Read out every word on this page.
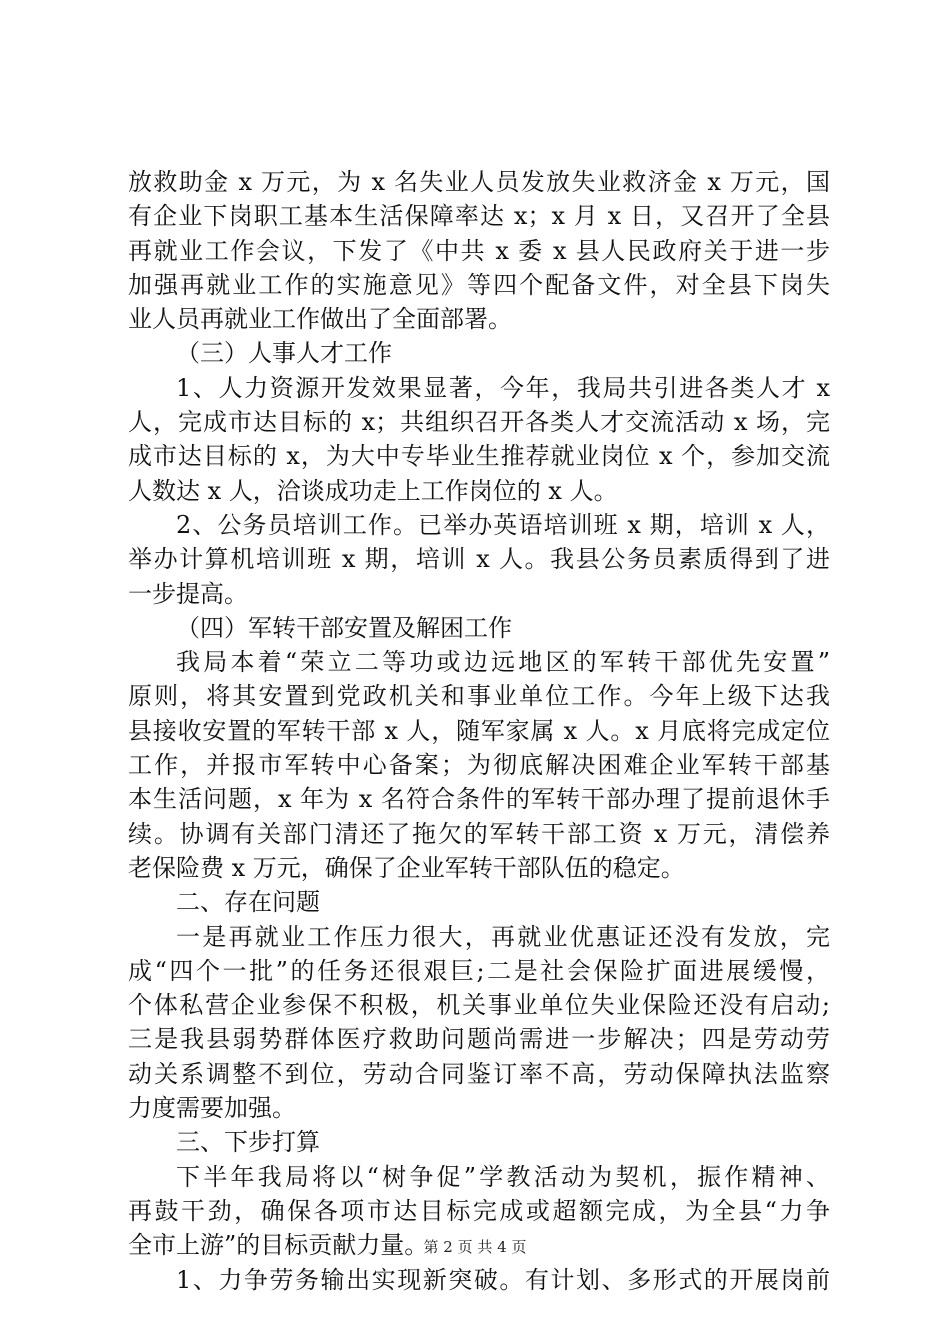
放救助金 x 万元，为 x 名失业人员发放失业救济金 x 万元，国
有企业下岗职工基本生活保障率达 x；x 月 x 日，又召开了全县
再就业工作会议，下发了《中共 x 委 x 县人民政府关于进一步
加强再就业工作的实施意见》等四个配备文件，对全县下岗失
业人员再就业工作做出了全面部署。
（三）人事人才工作
1、人力资源开发效果显著，今年，我局共引进各类人才 x
人，完成市达目标的 x；共组织召开各类人才交流活动 x 场，完
成市达目标的 x，为大中专毕业生推荐就业岗位 x 个，参加交流
人数达 x 人，洽谈成功走上工作岗位的 x 人。
2、公务员培训工作。已举办英语培训班 x 期，培训 x 人，
举办计算机培训班 x 期，培训 x 人。我县公务员素质得到了进
一步提高。
（四）军转干部安置及解困工作
我局本着“荣立二等功或边远地区的军转干部优先安置”
原则，将其安置到党政机关和事业单位工作。今年上级下达我
县接收安置的军转干部 x 人，随军家属 x 人。x 月底将完成定位
工作，并报市军转中心备案；为彻底解决困难企业军转干部基
本生活问题，x 年为 x 名符合条件的军转干部办理了提前退休手
续。协调有关部门清还了拖欠的军转干部工资 x 万元，清偿养
老保险费 x 万元，确保了企业军转干部队伍的稳定。
二、存在问题
一是再就业工作压力很大，再就业优惠证还没有发放，完
成“四个一批”的任务还很艰巨;二是社会保险扩面进展缓慢，
个体私营企业参保不积极，机关事业单位失业保险还没有启动;
三是我县弱势群体医疗救助问题尚需进一步解决；四是劳动劳
动关系调整不到位，劳动合同鉴订率不高，劳动保障执法监察
力度需要加强。
三、下步打算
下半年我局将以“树争促”学教活动为契机，振作精神、
再鼓干劲，确保各项市达目标完成或超额完成，为全县“力争
全市上游”的目标贡献力量。
1、力争劳务输出实现新突破。有计划、多形式的开展岗前
第 2 页 共 4 页
